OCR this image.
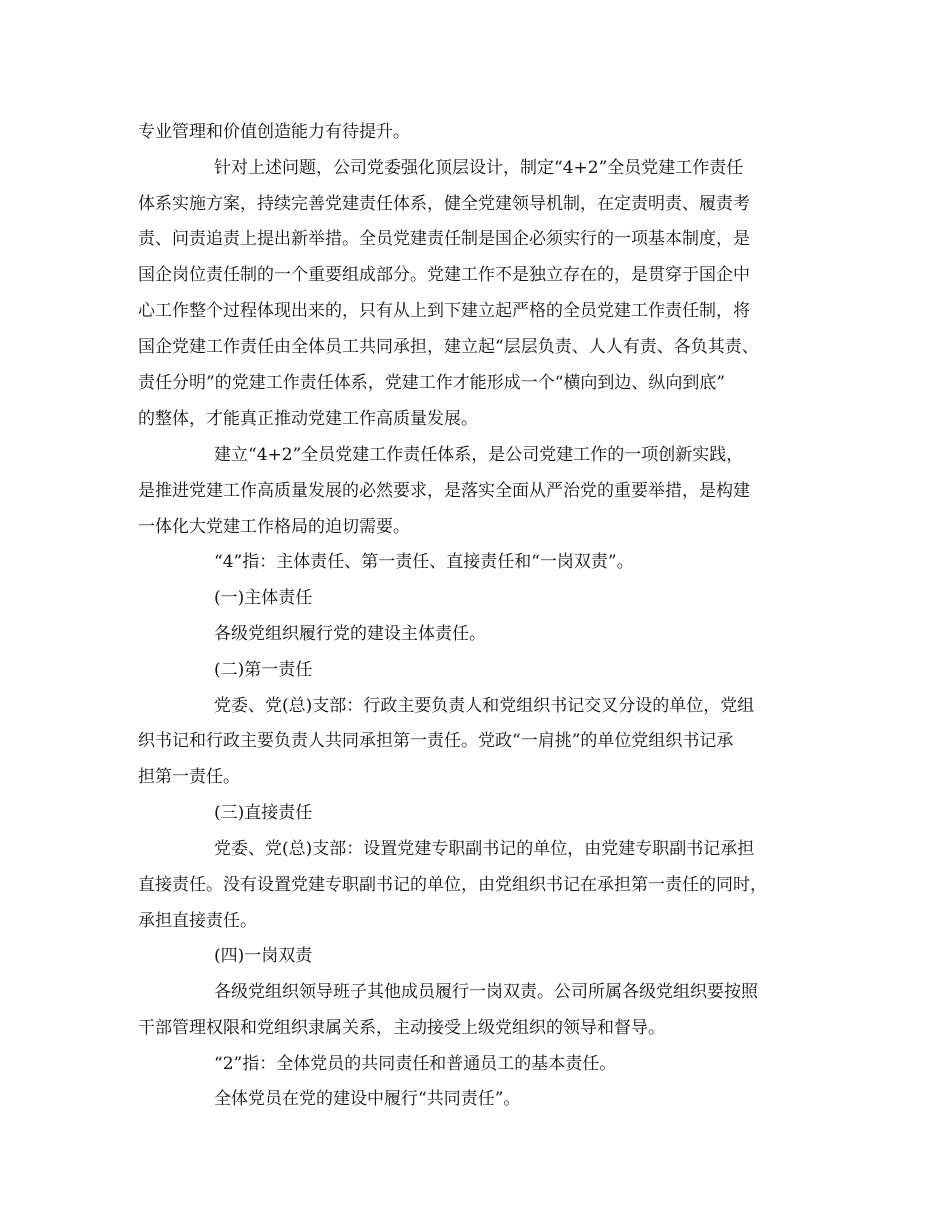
专业管理和价值创造能力有待提升。
针对上述问题，公司党委强化顶层设计，制定“4+2”全员党建工作责任
体系实施方案，持续完善党建责任体系，健全党建领导机制，在定责明责、履责考
责、问责追责上提出新举措。全员党建责任制是国企必须实行的一项基本制度，是
国企岗位责任制的一个重要组成部分。党建工作不是独立存在的，是贯穿于国企中
心工作整个过程体现出来的，只有从上到下建立起严格的全员党建工作责任制，将
国企党建工作责任由全体员工共同承担，建立起“层层负责、人人有责、各负其责、
责任分明”的党建工作责任体系，党建工作才能形成一个“横向到边、纵向到底”
的整体，才能真正推动党建工作高质量发展。
建立“4+2”全员党建工作责任体系，是公司党建工作的一项创新实践，
是推进党建工作高质量发展的必然要求，是落实全面从严治党的重要举措，是构建
一体化大党建工作格局的迫切需要。
“4”指：主体责任、第一责任、直接责任和“一岗双责”。
(一)主体责任
各级党组织履行党的建设主体责任。
(二)第一责任
党委、党(总)支部：行政主要负责人和党组织书记交叉分设的单位，党组
织书记和行政主要负责人共同承担第一责任。党政“一肩挑”的单位党组织书记承
担第一责任。
(三)直接责任
党委、党(总)支部：设置党建专职副书记的单位，由党建专职副书记承担
直接责任。没有设置党建专职副书记的单位，由党组织书记在承担第一责任的同时，
承担直接责任。
(四)一岗双责
各级党组织领导班子其他成员履行一岗双责。公司所属各级党组织要按照
干部管理权限和党组织隶属关系，主动接受上级党组织的领导和督导。
“2”指：全体党员的共同责任和普通员工的基本责任。
全体党员在党的建设中履行“共同责任”。
